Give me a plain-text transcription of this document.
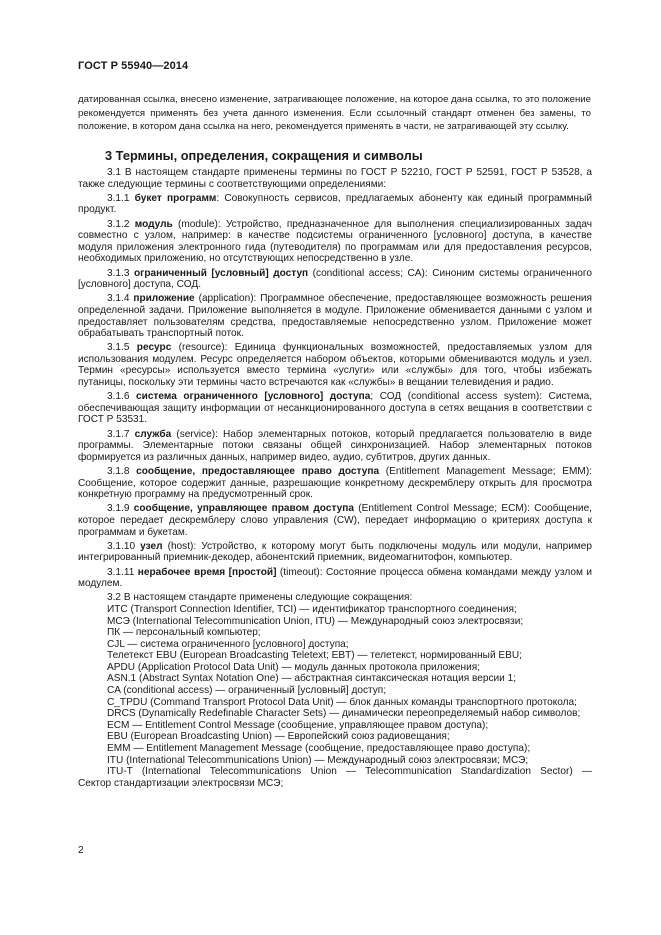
ГОСТ Р 55940—2014
датированная ссылка, внесено изменение, затрагивающее положение, на которое дана ссылка, то это положение рекомендуется применять без учета данного изменения. Если ссылочный стандарт отменен без замены, то положение, в котором дана ссылка на него, рекомендуется применять в части, не затрагивающей эту ссылку.
3 Термины, определения, сокращения и символы

3.1 В настоящем стандарте применены термины по ГОСТ Р 52210, ГОСТ Р 52591, ГОСТ Р 53528, а также следующие термины с соответствующими определениями:

3.1.1 букет программ: Совокупность сервисов, предлагаемых абоненту как единый программный продукт.

3.1.2 модуль (module): Устройство, предназначенное для выполнения специализированных задач совместно с узлом, например: в качестве подсистемы ограниченного [условного] доступа, в качестве модуля приложения электронного гида (путеводителя) по программам или для предоставления ресурсов, необходимых приложению, но отсутствующих непосредственно в узле.

3.1.3 ограниченный [условный] доступ (conditional access; CA): Синоним системы ограниченного [условного] доступа, СОД.

3.1.4 приложение (application): Программное обеспечение, предоставляющее возможность решения определенной задачи. Приложение выполняется в модуле. Приложение обменивается данными с узлом и предоставляет пользователям средства, предоставляемые непосредственно узлом. Приложение может обрабатывать транспортный поток.

3.1.5 ресурс (resource): Единица функциональных возможностей, предоставляемых узлом для использования модулем. Ресурс определяется набором объектов, которыми обмениваются модуль и узел. Термин «ресурсы» используется вместо термина «услуги» или «службы» для того, чтобы избежать путаницы, поскольку эти термины часто встречаются как «службы» в вещании телевидения и радио.

3.1.6 система ограниченного [условного] доступа; СОД (conditional access system): Система, обеспечивающая защиту информации от несанкционированного доступа в сетях вещания в соответствии с ГОСТ Р 53531.

3.1.7 служба (service): Набор элементарных потоков, который предлагается пользователю в виде программы. Элементарные потоки связаны общей синхронизацией. Набор элементарных потоков формируется из различных данных, например видео, аудио, субтитров, других данных.

3.1.8 сообщение, предоставляющее право доступа (Entitlement Management Message; EMM): Сообщение, которое содержит данные, разрешающие конкретному дескремблеру открыть для просмотра конкретную программу на предусмотренный срок.

3.1.9 сообщение, управляющее правом доступа (Entitlement Control Message; ECM): Сообщение, которое передает дескремблеру слово управления (CW), передает информацию о критериях доступа к программам и букетам.

3.1.10 узел (host): Устройство, к которому могут быть подключены модуль или модули, например интегрированный приемник-декодер, абонентский приемник, видеомагнитофон, компьютер.

3.1.11 нерабочее время [простой] (timeout): Состояние процесса обмена командами между узлом и модулем.

3.2 В настоящем стандарте применены следующие сокращения:

ИТС (Transport Connection Identifier, TCI) — идентификатор транспортного соединения;

МСЭ (International Telecommunication Union, ITU) — Международный союз электросвязи;

ПК — персональный компьютер;

CJL — система ограниченного [условного] доступа;

Телетекст EBU (European Broadcasting Teletext; EBT) — телетекст, нормированный EBU;

APDU (Application Protocol Data Unit) — модуль данных протокола приложения;

ASN.1 (Abstract Syntax Notation One) — абстрактная синтаксическая нотация версии 1;

CA (conditional access) — ограниченный [условный] доступ;

C_TPDU (Command Transport Protocol Data Unit) — блок данных команды транспортного протокола;

DRCS (Dynamically Redefinable Character Sets) — динамически переопределяемый набор символов;

ECM — Entitlement Control Message (сообщение, управляющее правом доступа);

EBU (European Broadcasting Union) — Европейский союз радиовещания;

EMM — Entitlement Management Message (сообщение, предоставляющее право доступа);

ITU (International Telecommunications Union) — Международный союз электросвязи; МСЭ;

ITU-T (International Telecommunications Union — Telecommunication Standardization Sector) —
Сектор стандартизации электросвязи МСЭ;

2
